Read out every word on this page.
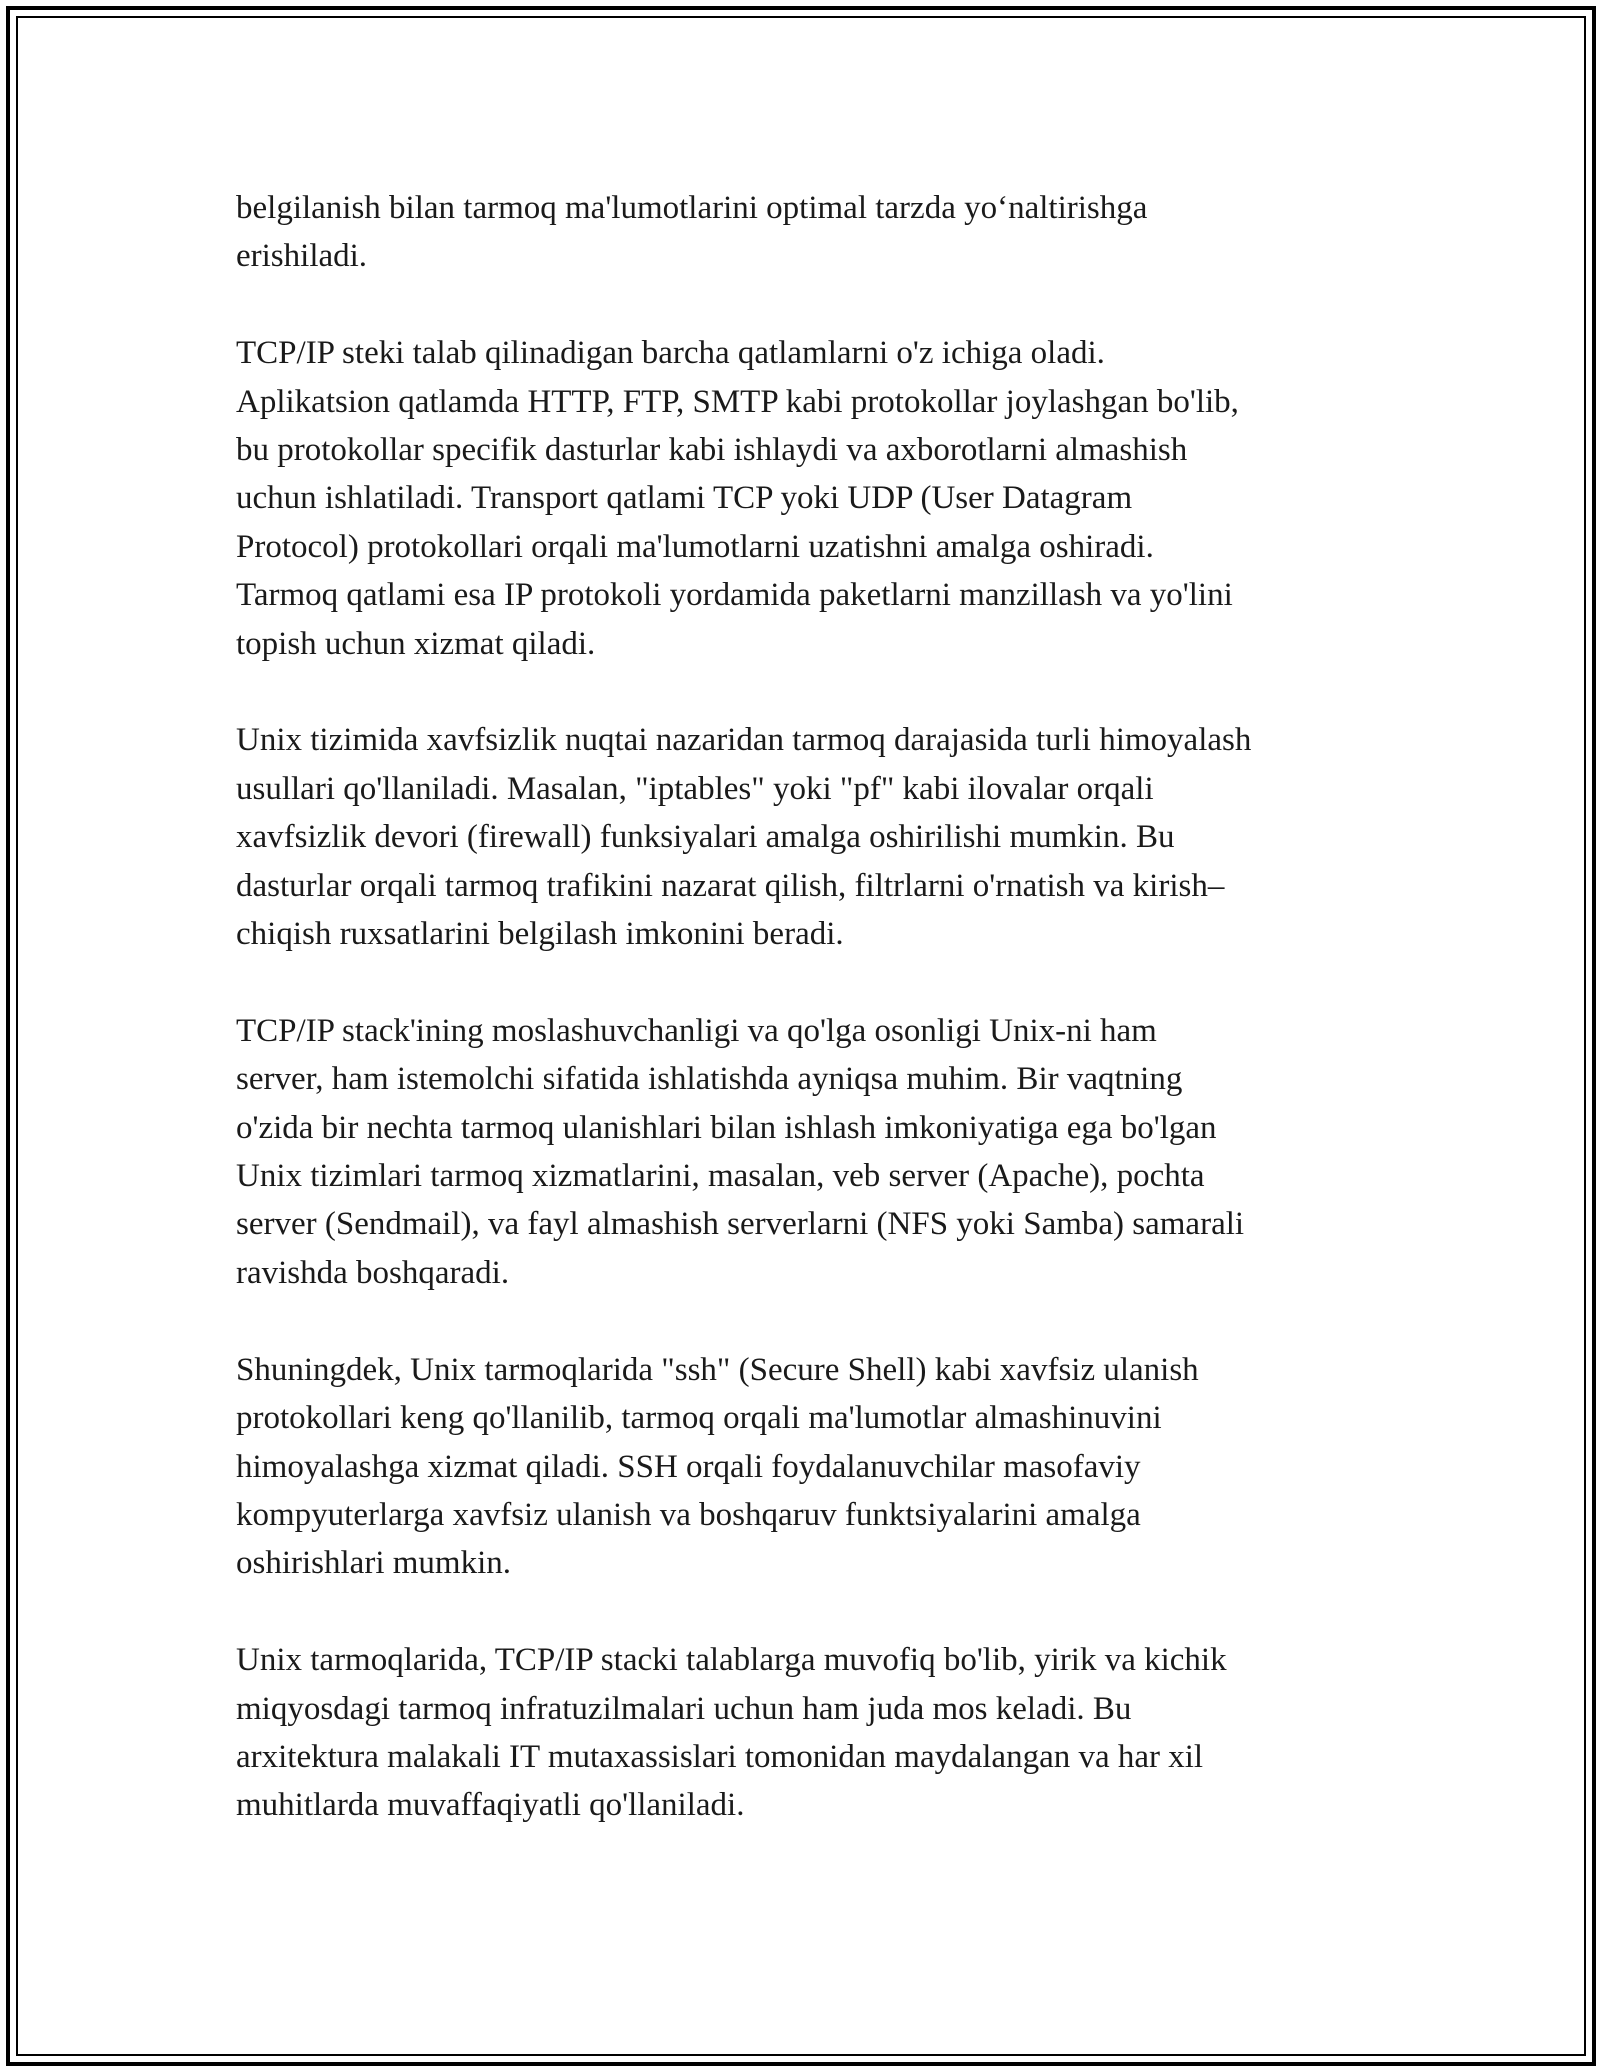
belgilanish bilan tarmoq ma'lumotlarini optimal tarzda yo‘naltirishga
erishiladi.

TCP/IP steki talab qilinadigan barcha qatlamlarni o'z ichiga oladi.
Aplikatsion qatlamda HTTP, FTP, SMTP kabi protokollar joylashgan bo'lib,
bu protokollar specifik dasturlar kabi ishlaydi va axborotlarni almashish
uchun ishlatiladi. Transport qatlami TCP yoki UDP (User Datagram
Protocol) protokollari orqali ma'lumotlarni uzatishni amalga oshiradi.
Tarmoq qatlami esa IP protokoli yordamida paketlarni manzillash va yo'lini
topish uchun xizmat qiladi.

Unix tizimida xavfsizlik nuqtai nazaridan tarmoq darajasida turli himoyalash
usullari qo'llaniladi. Masalan, "iptables" yoki "pf" kabi ilovalar orqali
xavfsizlik devori (firewall) funksiyalari amalga oshirilishi mumkin. Bu
dasturlar orqali tarmoq trafikini nazarat qilish, filtrlarni o'rnatish va kirish–
chiqish ruxsatlarini belgilash imkonini beradi.

TCP/IP stack'ining moslashuvchanligi va qo'lga osonligi Unix-ni ham
server, ham istemolchi sifatida ishlatishda ayniqsa muhim. Bir vaqtning
o'zida bir nechta tarmoq ulanishlari bilan ishlash imkoniyatiga ega bo'lgan
Unix tizimlari tarmoq xizmatlarini, masalan, veb server (Apache), pochta
server (Sendmail), va fayl almashish serverlarni (NFS yoki Samba) samarali
ravishda boshqaradi.

Shuningdek, Unix tarmoqlarida "ssh" (Secure Shell) kabi xavfsiz ulanish
protokollari keng qo'llanilib, tarmoq orqali ma'lumotlar almashinuvini
himoyalashga xizmat qiladi. SSH orqali foydalanuvchilar masofaviy
kompyuterlarga xavfsiz ulanish va boshqaruv funktsiyalarini amalga
oshirishlari mumkin.

Unix tarmoqlarida, TCP/IP stacki talablarga muvofiq bo'lib, yirik va kichik
miqyosdagi tarmoq infratuzilmalari uchun ham juda mos keladi. Bu
arxitektura malakali IT mutaxassislari tomonidan maydalangan va har xil
muhitlarda muvaffaqiyatli qo'llaniladi.
